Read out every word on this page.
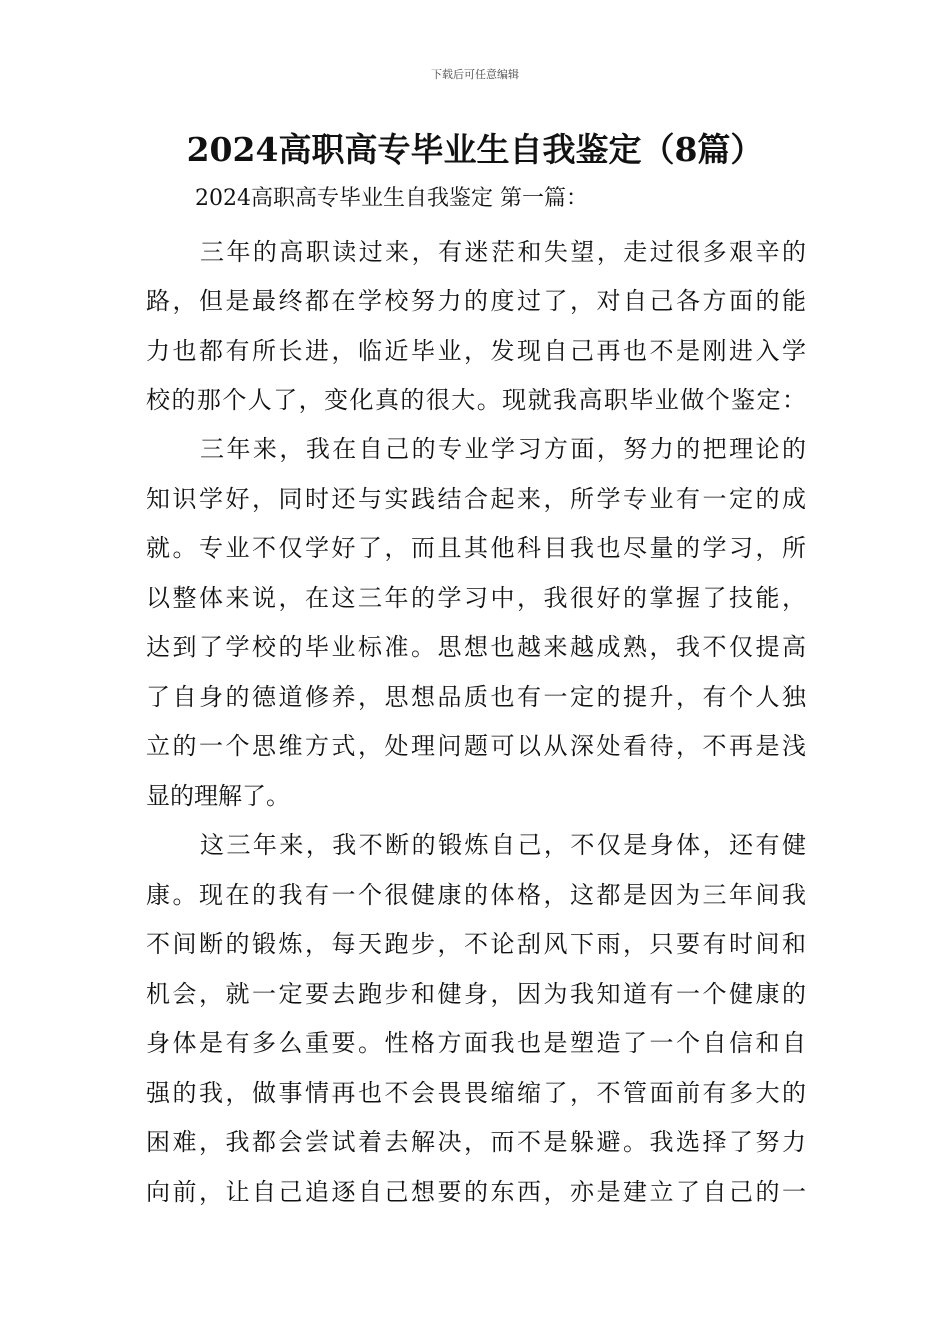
下载后可任意编辑
2024高职高专毕业生自我鉴定（8篇）
2024高职高专毕业生自我鉴定 第一篇：
三年的高职读过来，有迷茫和失望，走过很多艰辛的
路，但是最终都在学校努力的度过了，对自己各方面的能
力也都有所长进，临近毕业，发现自己再也不是刚进入学
校的那个人了，变化真的很大。现就我高职毕业做个鉴定：
三年来，我在自己的专业学习方面，努力的把理论的
知识学好，同时还与实践结合起来，所学专业有一定的成
就。专业不仅学好了，而且其他科目我也尽量的学习，所
以整体来说，在这三年的学习中，我很好的掌握了技能，
达到了学校的毕业标准。思想也越来越成熟，我不仅提高
了自身的德道修养，思想品质也有一定的提升，有个人独
立的一个思维方式，处理问题可以从深处看待，不再是浅
显的理解了。
这三年来，我不断的锻炼自己，不仅是身体，还有健
康。现在的我有一个很健康的体格，这都是因为三年间我
不间断的锻炼，每天跑步，不论刮风下雨，只要有时间和
机会，就一定要去跑步和健身，因为我知道有一个健康的
身体是有多么重要。性格方面我也是塑造了一个自信和自
强的我，做事情再也不会畏畏缩缩了，不管面前有多大的
困难，我都会尝试着去解决，而不是躲避。我选择了努力
向前，让自己追逐自己想要的东西，亦是建立了自己的一
